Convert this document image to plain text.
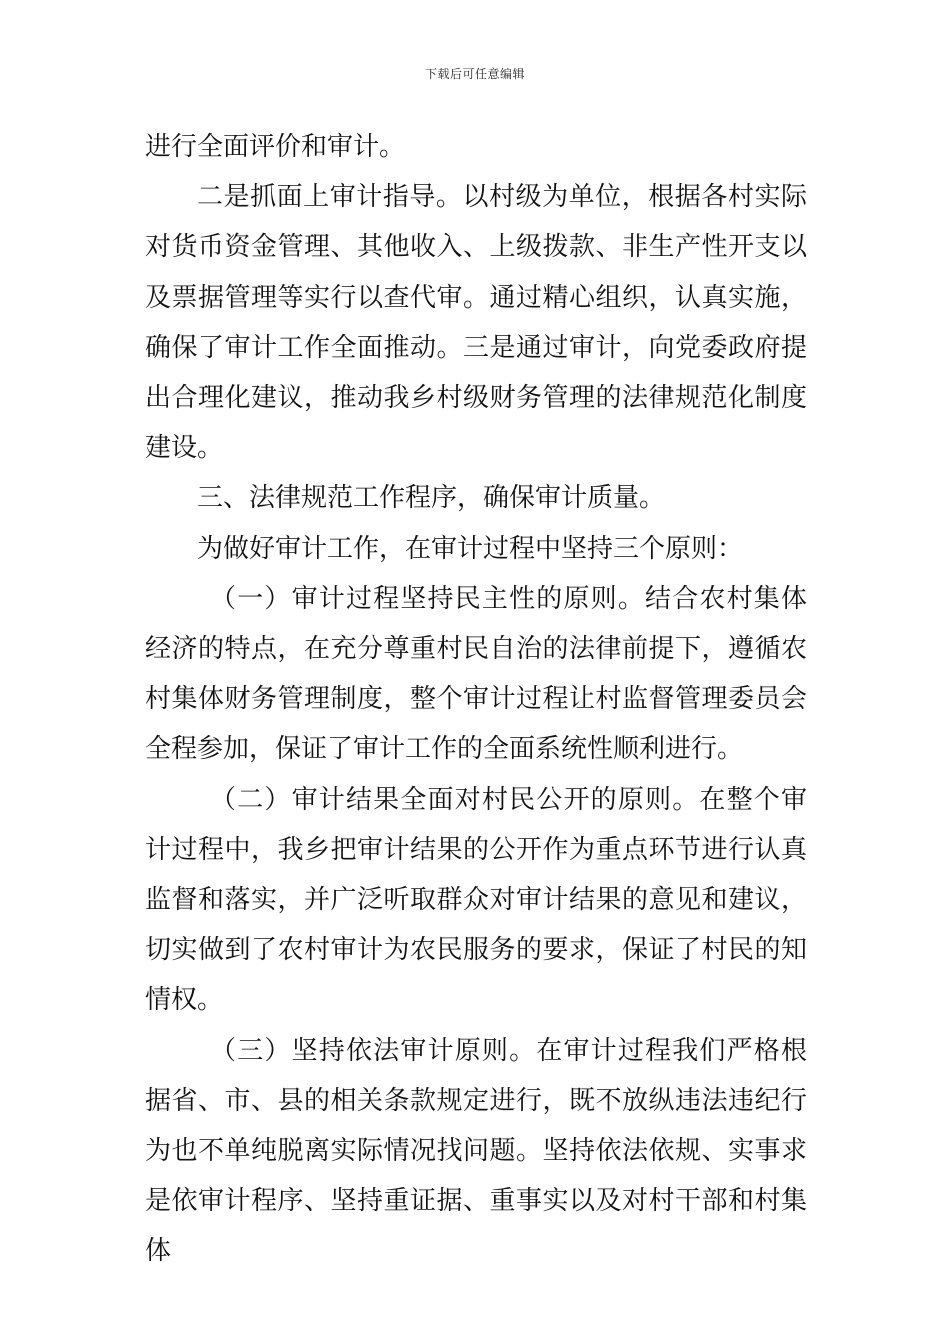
下载后可任意编辑

进行全面评价和审计。

二是抓面上审计指导。以村级为单位，根据各村实际对货币资金管理、其他收入、上级拨款、非生产性开支以及票据管理等实行以查代审。通过精心组织，认真实施，确保了审计工作全面推动。三是通过审计，向党委政府提出合理化建议，推动我乡村级财务管理的法律规范化制度建设。

三、法律规范工作程序，确保审计质量。

为做好审计工作，在审计过程中坚持三个原则：

（一）审计过程坚持民主性的原则。结合农村集体经济的特点，在充分尊重村民自治的法律前提下，遵循农村集体财务管理制度，整个审计过程让村监督管理委员会全程参加，保证了审计工作的全面系统性顺利进行。

（二）审计结果全面对村民公开的原则。在整个审计过程中，我乡把审计结果的公开作为重点环节进行认真监督和落实，并广泛听取群众对审计结果的意见和建议，切实做到了农村审计为农民服务的要求，保证了村民的知情权。

（三）坚持依法审计原则。在审计过程我们严格根据省、市、县的相关条款规定进行，既不放纵违法违纪行为也不单纯脱离实际情况找问题。坚持依法依规、实事求是依审计程序、坚持重证据、重事实以及对村干部和村集体
